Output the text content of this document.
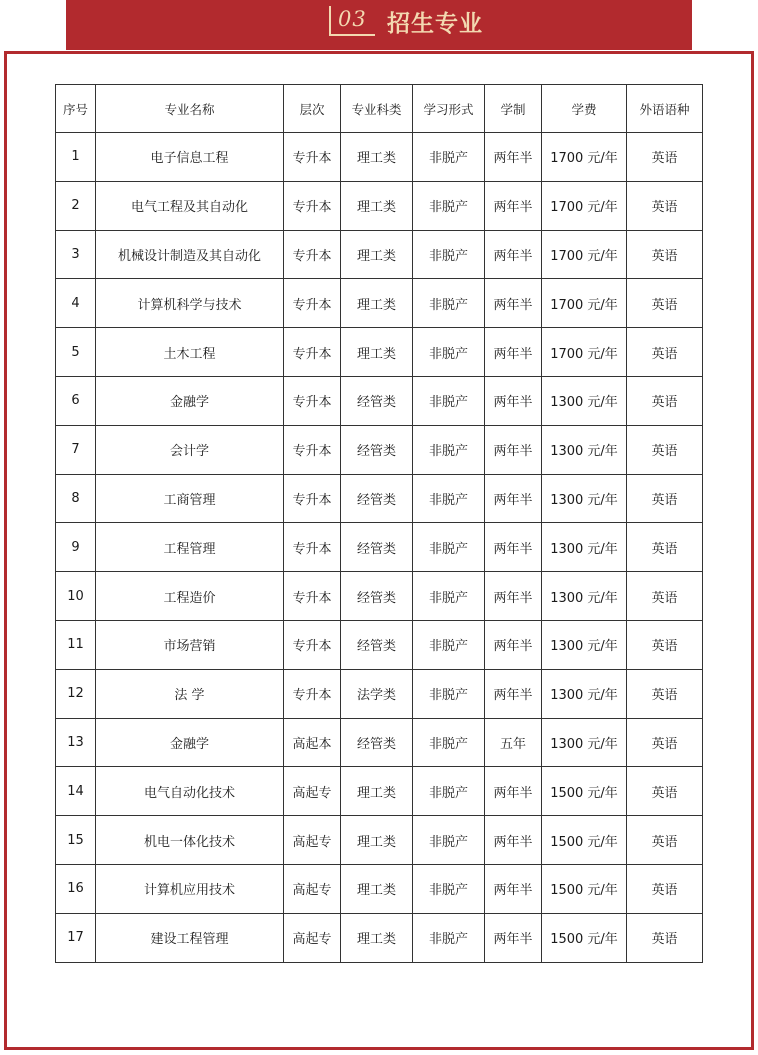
03 招生专业
序号	专业名称	层次	专业科类	学习形式	学制	学费	外语语种
1	电子信息工程	专升本	理工类	非脱产	两年半	1700 元/年	英语
2	电气工程及其自动化	专升本	理工类	非脱产	两年半	1700 元/年	英语
3	机械设计制造及其自动化	专升本	理工类	非脱产	两年半	1700 元/年	英语
4	计算机科学与技术	专升本	理工类	非脱产	两年半	1700 元/年	英语
5	土木工程	专升本	理工类	非脱产	两年半	1700 元/年	英语
6	金融学	专升本	经管类	非脱产	两年半	1300 元/年	英语
7	会计学	专升本	经管类	非脱产	两年半	1300 元/年	英语
8	工商管理	专升本	经管类	非脱产	两年半	1300 元/年	英语
9	工程管理	专升本	经管类	非脱产	两年半	1300 元/年	英语
10	工程造价	专升本	经管类	非脱产	两年半	1300 元/年	英语
11	市场营销	专升本	经管类	非脱产	两年半	1300 元/年	英语
12	法 学	专升本	法学类	非脱产	两年半	1300 元/年	英语
13	金融学	高起本	经管类	非脱产	五年	1300 元/年	英语
14	电气自动化技术	高起专	理工类	非脱产	两年半	1500 元/年	英语
15	机电一体化技术	高起专	理工类	非脱产	两年半	1500 元/年	英语
16	计算机应用技术	高起专	理工类	非脱产	两年半	1500 元/年	英语
17	建设工程管理	高起专	理工类	非脱产	两年半	1500 元/年	英语
